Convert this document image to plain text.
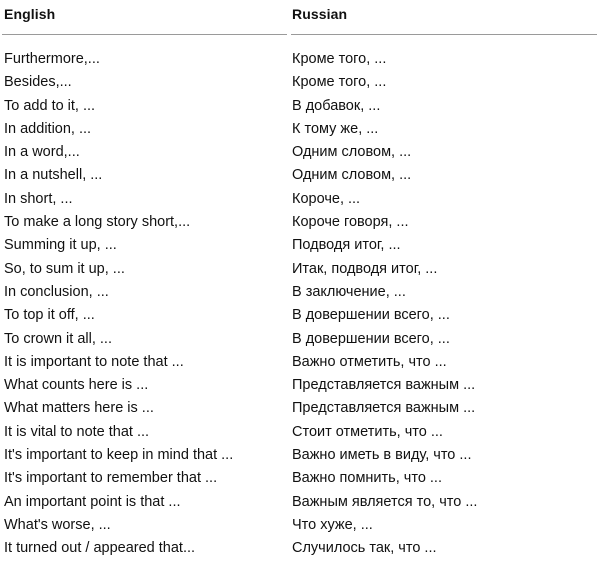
English	Russian
Furthermore,...	Кроме того, ...
Besides,...	Кроме того, ...
To add to it, ...	В добавок, ...
In addition, ...	К тому же, ...
In a word,...	Одним словом, ...
In a nutshell, ...	Одним словом, ...
In short, ...	Короче, ...
To make a long story short,...	Короче говоря, ...
Summing it up, ...	Подводя итог, ...
So, to sum it up, ...	Итак, подводя итог, ...
In conclusion, ...	В заключение, ...
To top it off, ...	В довершении всего, ...
To crown it all, ...	В довершении всего, ...
It is important to note that ...	Важно отметить, что ...
What counts here is ...	Представляется важным ...
What matters here is ...	Представляется важным ...
It is vital to note that ...	Стоит отметить, что ...
It's important to keep in mind that ...	Важно иметь в виду, что ...
It's important to remember that ...	Важно помнить, что ...
An important point is that ...	Важным является то, что ...
What's worse, ...	Что хуже, ...
It turned out / appeared that...	Случилось так, что ...
